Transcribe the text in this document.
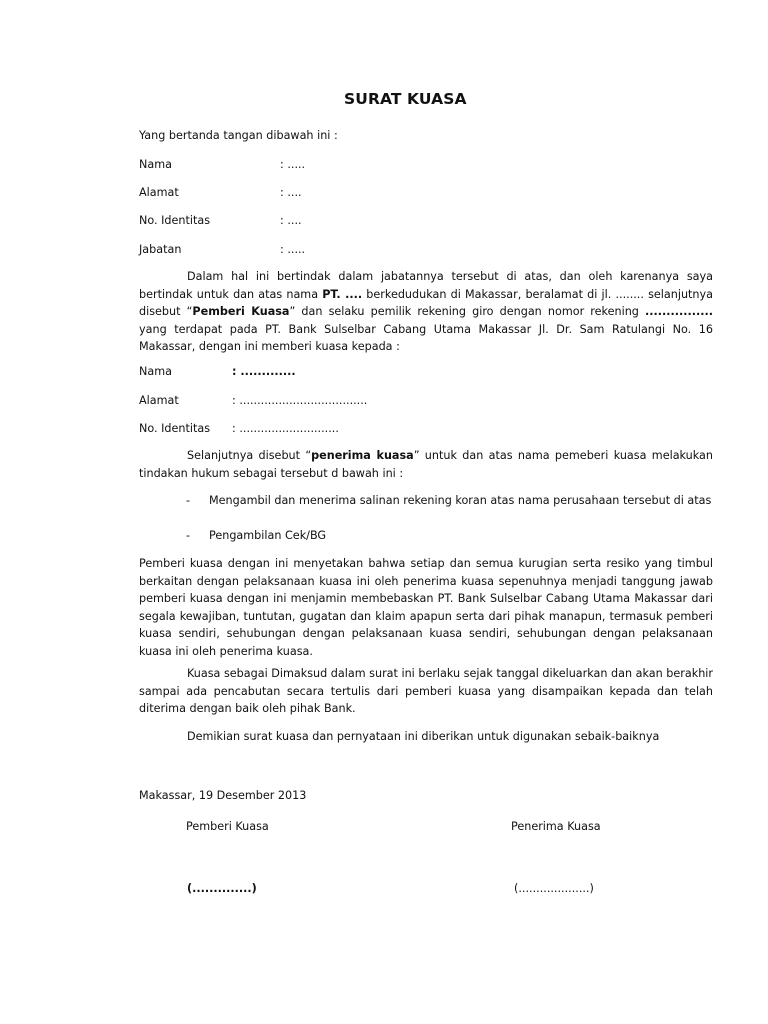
SURAT KUASA
Yang bertanda tangan dibawah ini :
Nama	: .....
Alamat	: ....
No. Identitas	: ....
Jabatan	: .....
Dalam hal ini bertindak dalam jabatannya tersebut di atas, dan oleh karenanya saya bertindak untuk dan atas nama PT. .... berkedudukan di Makassar, beralamat di jl. ........ selanjutnya disebut “Pemberi Kuasa” dan selaku pemilik rekening giro dengan nomor rekening ................ yang terdapat pada PT. Bank Sulselbar Cabang Utama Makassar Jl. Dr. Sam Ratulangi No. 16 Makassar, dengan ini memberi kuasa kepada :
Nama	: .............
Alamat	: ....................................
No. Identitas : ............................
Selanjutnya disebut “penerima kuasa” untuk dan atas nama pemeberi kuasa melakukan tindakan hukum sebagai tersebut d bawah ini :
- Mengambil dan menerima salinan rekening koran atas nama perusahaan tersebut di atas
- Pengambilan Cek/BG
Pemberi kuasa dengan ini menyetakan bahwa setiap dan semua kurugian serta resiko yang timbul berkaitan dengan pelaksanaan kuasa ini oleh penerima kuasa sepenuhnya menjadi tanggung jawab pemberi kuasa dengan ini menjamin membebaskan PT. Bank Sulselbar Cabang Utama Makassar dari segala kewajiban, tuntutan, gugatan dan klaim apapun serta dari pihak manapun, termasuk pemberi kuasa sendiri, sehubungan dengan pelaksanaan kuasa sendiri, sehubungan dengan pelaksanaan kuasa ini oleh penerima kuasa.
Kuasa sebagai Dimaksud dalam surat ini berlaku sejak tanggal dikeluarkan dan akan berakhir sampai ada pencabutan secara tertulis dari pemberi kuasa yang disampaikan kepada dan telah diterima dengan baik oleh pihak Bank.
Demikian surat kuasa dan pernyataan ini diberikan untuk digunakan sebaik-baiknya
Makassar, 19 Desember 2013
Pemberi Kuasa	Penerima Kuasa
(..............)	(....................)
